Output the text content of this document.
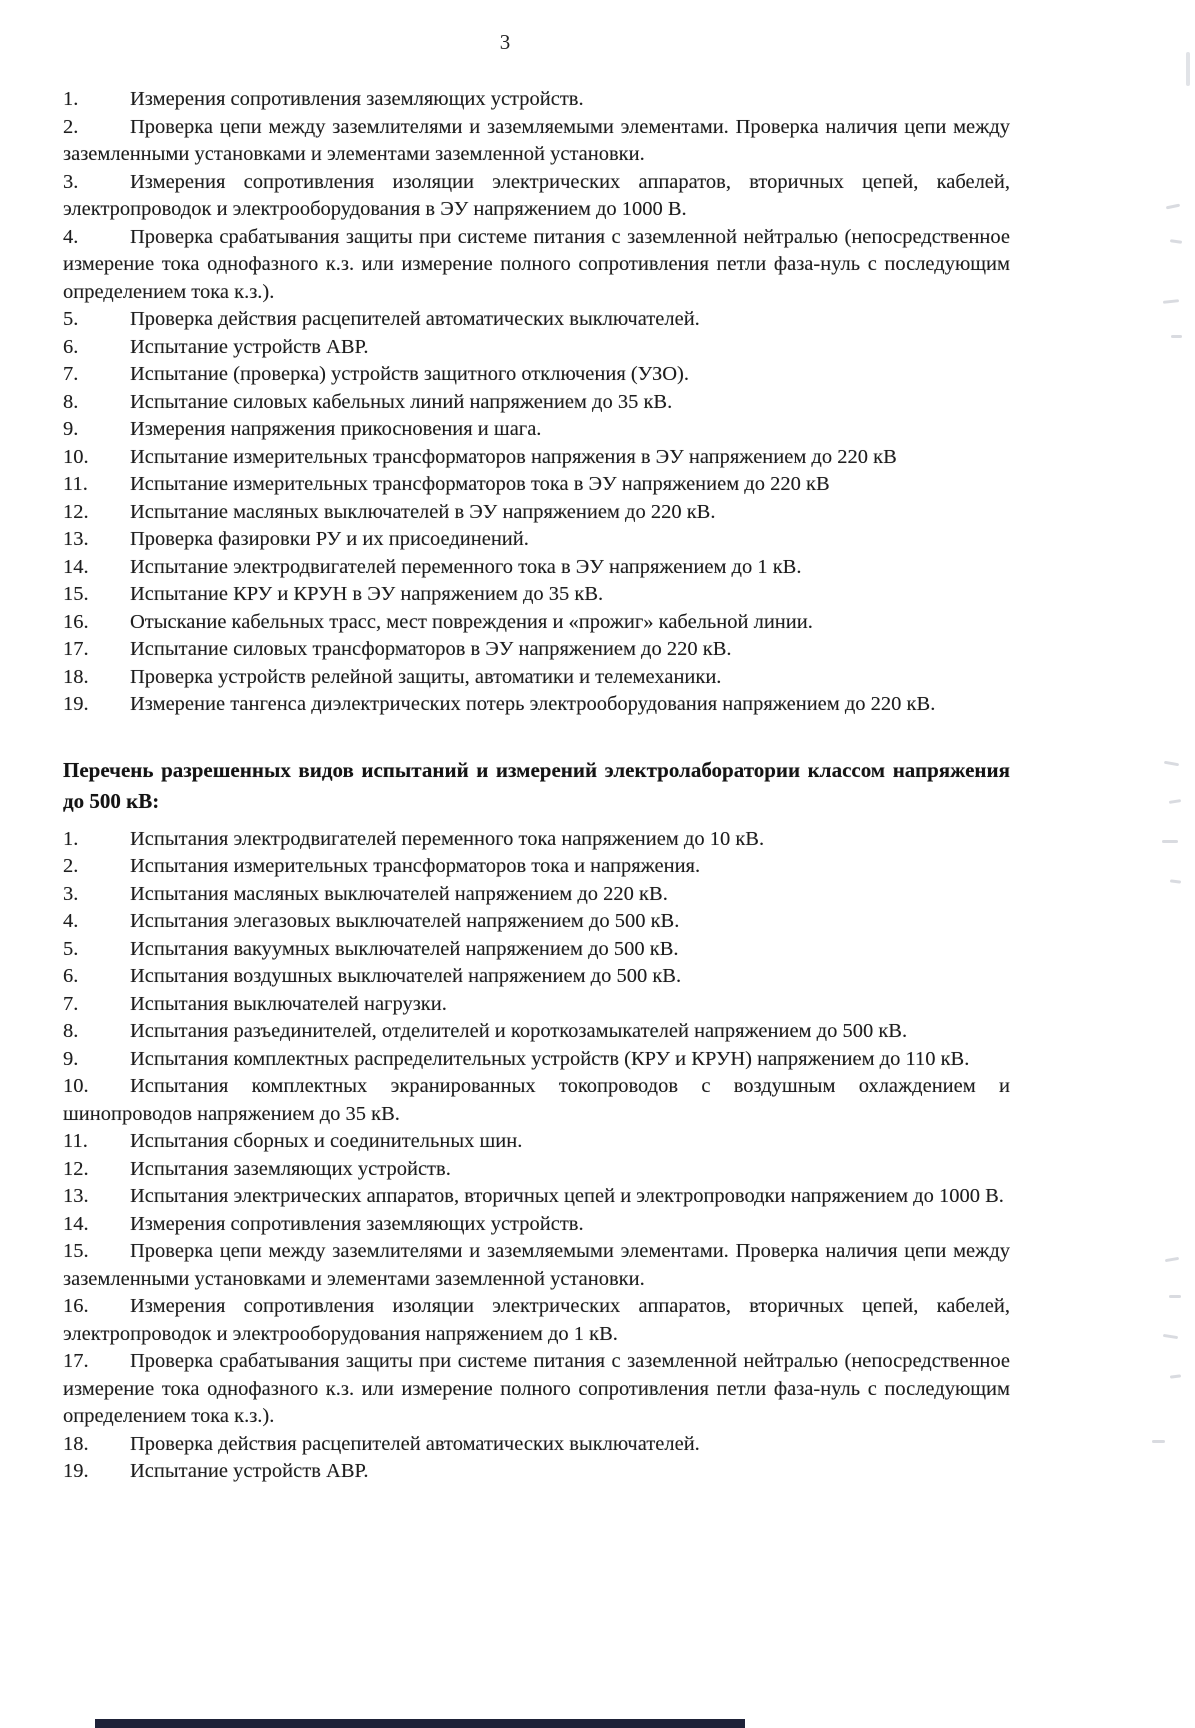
3

1.	Измерения сопротивления заземляющих устройств.

2.	Проверка цепи между заземлителями и заземляемыми элементами. Проверка наличия цепи между заземленными установками и элементами заземленной установки.

3.	Измерения сопротивления изоляции электрических аппаратов, вторичных цепей, кабелей, электропроводок и электрооборудования в ЭУ напряжением до 1000 В.

4.	Проверка срабатывания защиты при системе питания с заземленной нейтралью (непосредственное измерение тока однофазного к.з. или измерение полного сопротивления петли фаза-нуль с последующим определением тока к.з.).

5.	Проверка действия расцепителей автоматических выключателей.

6.	Испытание устройств АВР.

7.	Испытание (проверка) устройств защитного отключения (УЗО).

8.	Испытание силовых кабельных линий напряжением до 35 кВ.

9.	Измерения напряжения прикосновения и шага.

10. Испытание измерительных трансформаторов напряжения в ЭУ напряжением до 220 кВ

11. Испытание измерительных трансформаторов тока в ЭУ напряжением до 220 кВ

12. Испытание масляных выключателей в ЭУ напряжением до 220 кВ.

13. Проверка фазировки РУ и их присоединений.

14. Испытание электродвигателей переменного тока в ЭУ напряжением до 1 кВ.

15. Испытание КРУ и КРУН в ЭУ напряжением до 35 кВ.

16. Отыскание кабельных трасс, мест повреждения и «прожиг» кабельной линии.

17. Испытание силовых трансформаторов в ЭУ напряжением до 220 кВ.

18. Проверка устройств релейной защиты, автоматики и телемеханики.

19. Измерение тангенса диэлектрических потерь электрооборудования напряжением до 220 кВ.

Перечень разрешенных видов испытаний и измерений электролаборатории классом напряжения до 500 кВ:

1.	Испытания электродвигателей переменного тока напряжением до 10 кВ.

2.	Испытания измерительных трансформаторов тока и напряжения.

3.	Испытания масляных выключателей напряжением до 220 кВ.

4.	Испытания элегазовых выключателей напряжением до 500 кВ.

5.	Испытания вакуумных выключателей напряжением до 500 кВ.

6.	Испытания воздушных выключателей напряжением до 500 кВ.

7.	Испытания выключателей нагрузки.

8.	Испытания разъединителей, отделителей и короткозамыкателей напряжением до 500 кВ.

9.	Испытания комплектных распределительных устройств (КРУ и КРУН) напряжением до 110 кВ.

10. Испытания комплектных экранированных токопроводов с воздушным охлаждением и шинопроводов напряжением до 35 кВ.

11. Испытания сборных и соединительных шин.

12. Испытания заземляющих устройств.

13. Испытания электрических аппаратов, вторичных цепей и электропроводки напряжением до 1000 В.

14. Измерения сопротивления заземляющих устройств.

15. Проверка цепи между заземлителями и заземляемыми элементами. Проверка наличия цепи между заземленными установками и элементами заземленной установки.

16. Измерения сопротивления изоляции электрических аппаратов, вторичных цепей, кабелей, электропроводок и электрооборудования напряжением до 1 кВ.

17. Проверка срабатывания защиты при системе питания с заземленной нейтралью (непосредственное измерение тока однофазного к.з. или измерение полного сопротивления петли фаза-нуль с последующим определением тока к.з.).

18. Проверка действия расцепителей автоматических выключателей.

19. Испытание устройств АВР.
